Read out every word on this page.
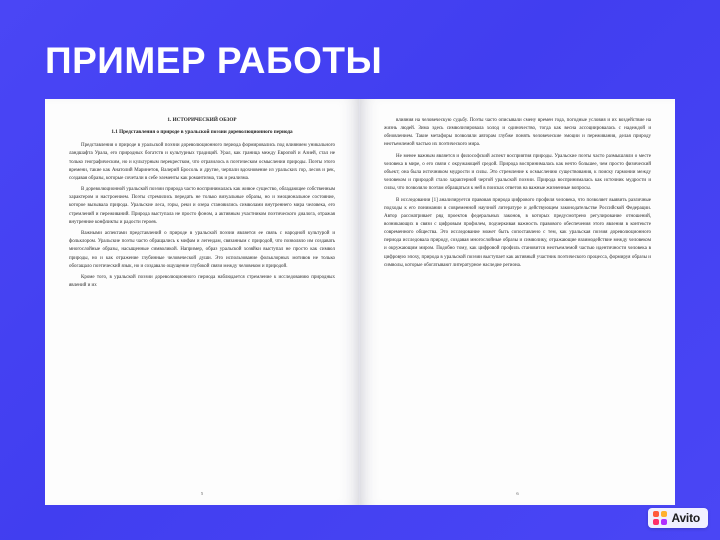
ПРИМЕР РАБОТЫ
1. ИСТОРИЧЕСКИЙ ОБЗОР
1.1 Представления о природе в уральской поэзии дореволюционного периода

Представления о природе в уральской поэзии дореволюционного периода формировались под влиянием уникального ландшафта Урала, его природных богатств и культурных традиций. Урал, как граница между Европой и Азией, стал не только географическим, но и культурным перекрестком, что отразилось в поэтическом осмыслении природы. Поэты этого времени, такие как Анатолий Маринетов, Валерий Бросоль и другие, черпали вдохновение из уральских гор, лесов и рек, создавая образы, которые сочетали в себе элементы как романтизма, так и реализма.

В дореволюционной уральской поэзии природа часто воспринималась как живое существо, обладающее собственным характером и настроением. Поэты стремились передать не только визуальные образы, но и эмоциональное состояние, которое вызывала природа. Уральские леса, горы, реки и озера становились символами внутреннего мира человека, его стремлений и переживаний. Природа выступала не просто фоном, а активным участником поэтического диалога, отражая внутренние конфликты и радости героев.

Важными аспектами представлений о природе в уральской поэзии является ее связь с народной культурой и фольклором. Уральские поэты часто обращались к мифам и легендам, связанным с природой, что позволяло им создавать многослойные образы, насыщенные символикой. Например, образ уральской хозяйки выступал не просто как символ природы, но и как отражение глубинные человеческой души. Это использование фольклорных мотивов не только обогащало поэтический язык, но и создавало ощущение глубокой связи между человеком и природой.

Кроме того, в уральской поэзии дореволюционного периода наблюдается стремление к исследованию природных явлений и их

5

влияния на человеческую судьбу. Поэты часто описывали смену времен года, погодные условия и их воздействие на жизнь людей. Зима здесь символизировала холод и одиночество, тогда как весна ассоциировалась с надеждой и обновлением. Такие метафоры позволяли авторам глубже понять человеческие эмоции и переживания, делая природу неотъемлемой частью их поэтического мира.

Не менее важным является и философский аспект восприятия природы. Уральские поэты часто размышляли о месте человека в мире, о его связи с окружающей средой. Природа воспринималась как нечто большее, чем просто физический объект; она была источником мудрости и силы. Это стремление к осмыслению существования, к поиску гармонии между человеком и природой стало характерной чертой уральской поэзии. Природа воспринималась как источник мудрости и силы, что позволяло поэтам обращаться к ней в поисках ответов на важные жизненные вопросы.

В исследовании [1] анализируется правовая природа цифрового профиля человека, что позволяет выявить различные подходы к его понимании в современной научной литературе и действующем законодательстве Российской Федерации. Автор рассматривает ряд проектов федеральных законов, в которых предусмотрено регулирование отношений, возникающих в связи с цифровым профилем, подчеркивая важность правового обеспечения этого явления в контексте современного общества. Это исследование может быть сопоставлено с тем, как уральская поэзия дореволюционного периода исследовала природу, создавая многослойные образы и символику, отражающие взаимодействие между человеком и окружающим миром. Подобно тому, как цифровой профиль становится неотъемлемой частью идентичности человека в цифровую эпоху, природа в уральской поэзии выступает как активный участник поэтического процесса, формируя образы и символы, которые обогатывают литературное наследие региона.

6
Avito
